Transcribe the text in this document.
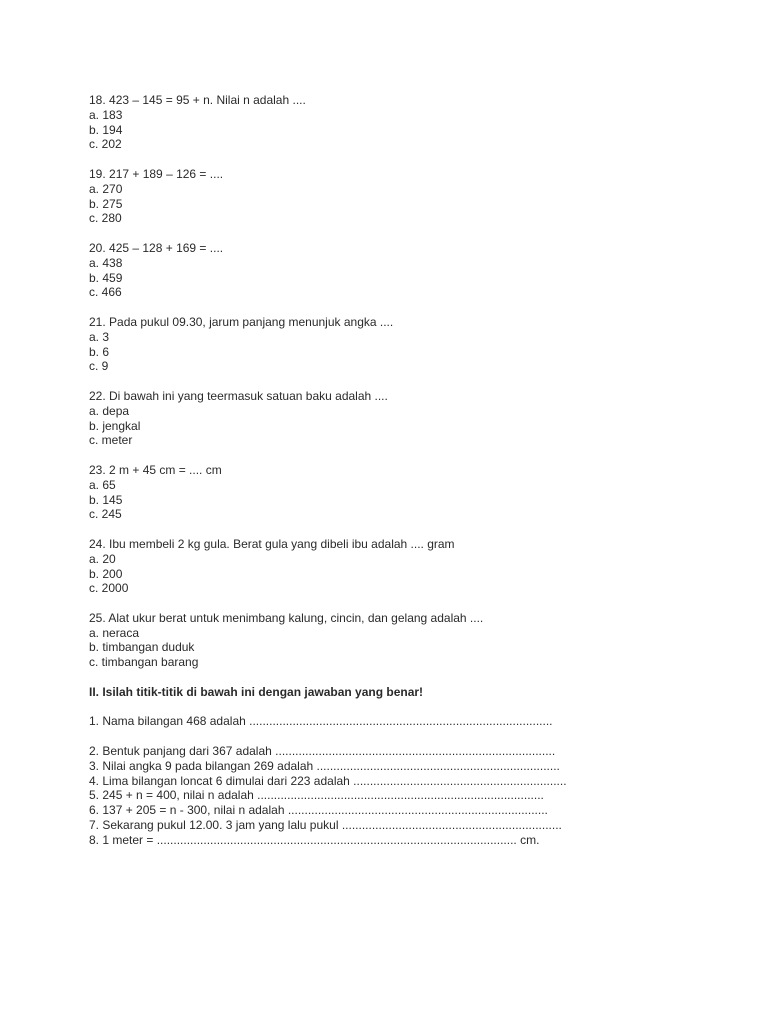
18. 423 – 145 = 95 + n. Nilai n adalah ....
a. 183
b. 194
c. 202
19. 217 + 189 – 126 = ....
a. 270
b. 275
c. 280
20. 425 – 128 + 169 = ....
a. 438
b. 459
c. 466
21. Pada pukul 09.30, jarum panjang menunjuk angka ....
a. 3
b. 6
c. 9
22. Di bawah ini yang teermasuk satuan baku adalah ....
a. depa
b. jengkal
c. meter
23. 2 m + 45 cm = .... cm
a. 65
b. 145
c. 245
24. Ibu membeli 2 kg gula. Berat gula yang dibeli ibu adalah .... gram
a. 20
b. 200
c. 2000
25. Alat ukur berat untuk menimbang kalung, cincin, dan gelang adalah ....
a. neraca
b. timbangan duduk
c. timbangan barang
II. Isilah titik-titik di bawah ini dengan jawaban yang benar!
1. Nama bilangan 468 adalah ...........................................................................................
2. Bentuk panjang dari 367 adalah ....................................................................................
3. Nilai angka 9 pada bilangan 269 adalah .........................................................................
4. Lima bilangan loncat 6 dimulai dari 223 adalah ................................................................
5. 245 + n = 400, nilai n adalah ......................................................................................
6. 137 + 205 = n - 300, nilai n adalah ..............................................................................
7. Sekarang pukul 12.00. 3 jam yang lalu pukul ..................................................................
8. 1 meter = ............................................................................................................ cm.
